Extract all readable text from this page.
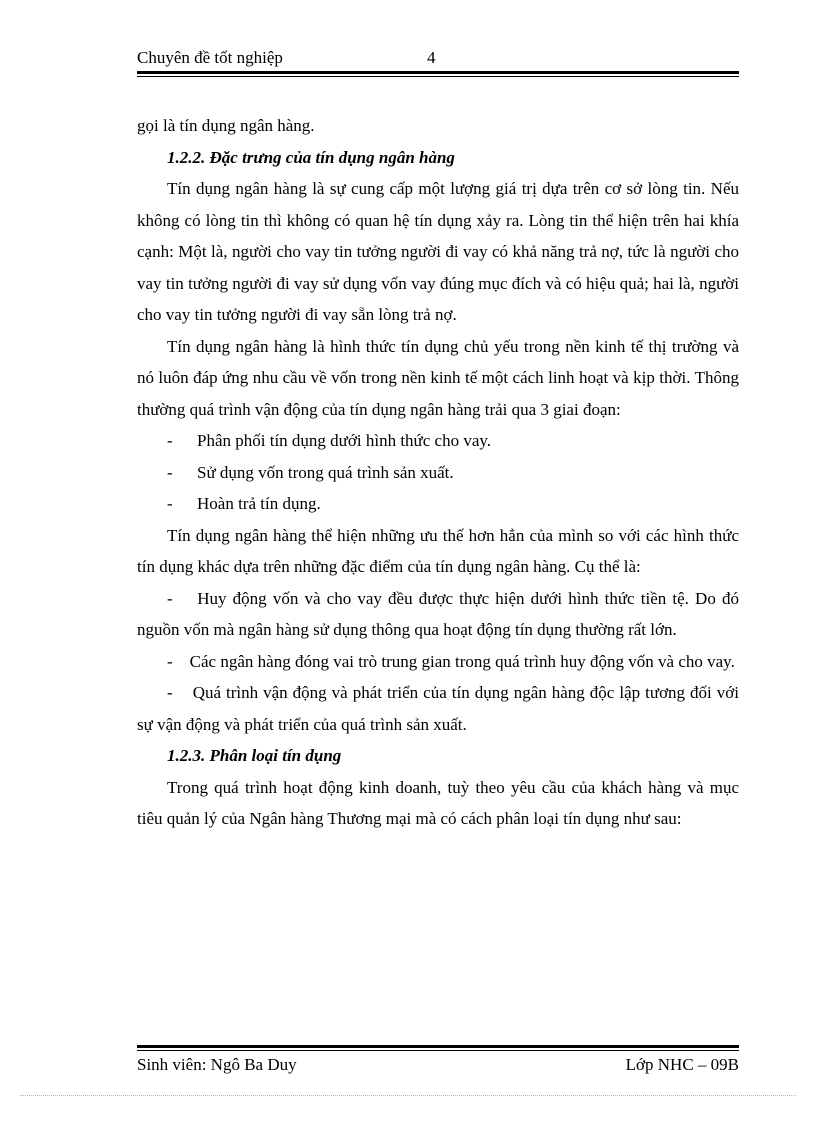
Chuyên đề tốt nghiệp	4

gọi là tín dụng ngân hàng.

1.2.2. Đặc trưng của tín dụng ngân hàng

Tín dụng ngân hàng là sự cung cấp một lượng giá trị dựa trên cơ sở lòng tin. Nếu không có lòng tin thì không có quan hệ tín dụng xảy ra. Lòng tin thể hiện trên hai khía cạnh: Một là, người cho vay tin tưởng người đi vay có khả năng trả nợ, tức là người cho vay tin tưởng người đi vay sử dụng vốn vay đúng mục đích và có hiệu quả; hai là, người cho vay tin tưởng người đi vay sẵn lòng trả nợ.

Tín dụng ngân hàng là hình thức tín dụng chủ yếu trong nền kinh tế thị trường và nó luôn đáp ứng nhu cầu về vốn trong nền kinh tế một cách linh hoạt và kịp thời. Thông thường quá trình vận động của tín dụng ngân hàng trải qua 3 giai đoạn:

- Phân phối tín dụng dưới hình thức cho vay.

- Sử dụng vốn trong quá trình sản xuất.

- Hoàn trả tín dụng.

Tín dụng ngân hàng thể hiện những ưu thế hơn hẳn của mình so với các hình thức tín dụng khác dựa trên những đặc điểm của tín dụng ngân hàng. Cụ thể là:

-    Huy động vốn và cho vay đều được thực hiện dưới hình thức tiền tệ. Do đó nguồn vốn mà ngân hàng sử dụng thông qua hoạt động tín dụng thường rất lớn.

-    Các ngân hàng đóng vai trò trung gian trong quá trình huy động vốn và cho vay.

-    Quá trình vận động và phát triển của tín dụng ngân hàng độc lập tương đối với sự vận động và phát triển của quá trình sản xuất.

1.2.3. Phân loại tín dụng

Trong quá trình hoạt động kinh doanh, tuỳ theo yêu cầu của khách hàng và mục tiêu quản lý của Ngân hàng Thương mại mà có cách phân loại tín dụng như sau:

Sinh viên: Ngô Ba Duy	Lớp NHC – 09B
